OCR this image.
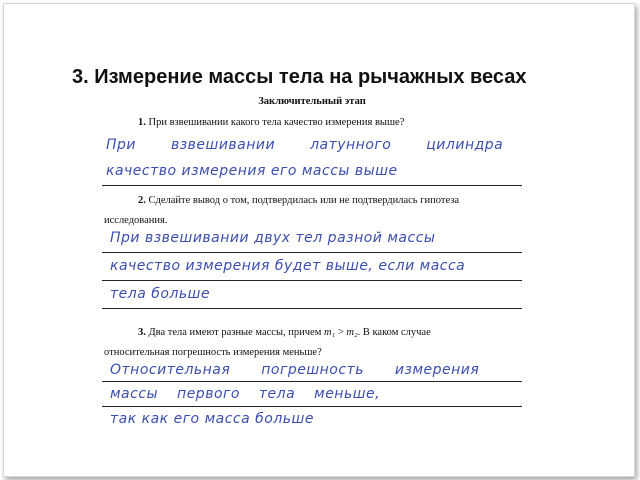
3. Измерение массы тела на рычажных весах
Заключительный этап
1. При взвешивании какого тела качество измерения выше?
При взвешивании латунного цилиндра
качество измерения его массы выше
2. Сделайте вывод о том, подтвердилась или не подтвердилась гипотеза
исследования.
При взвешивании двух тел разной массы
качество измерения будет выше, если масса
тела больше
3. Два тела имеют разные массы, причем m₁ > m₂. В каком случае
относительная погрешность измерения меньше?
Относительная погрешность измерения
массы первого тела меньше,
так как его масса больше
